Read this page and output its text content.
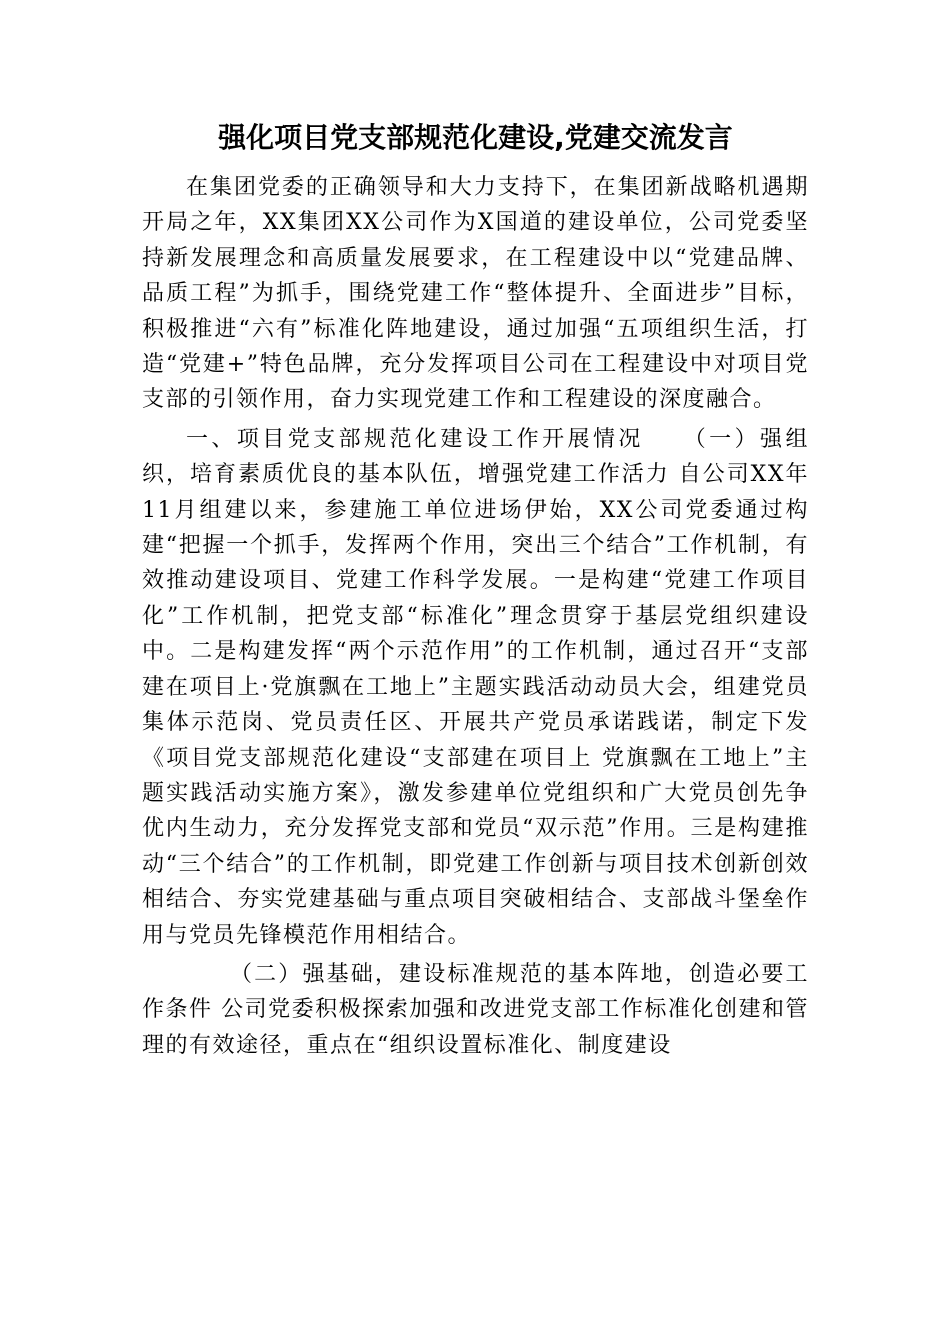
强化项目党支部规范化建设,党建交流发言

在集团党委的正确领导和大力支持下，在集团新战略机遇期开局之年，XX集团XX公司作为X国道的建设单位，公司党委坚持新发展理念和高质量发展要求，在工程建设中以“党建品牌、品质工程”为抓手，围绕党建工作“整体提升、全面进步”目标，积极推进“六有”标准化阵地建设，通过加强“五项组织生活，打造“党建+”特色品牌，充分发挥项目公司在工程建设中对项目党支部的引领作用，奋力实现党建工作和工程建设的深度融合。

一、项目党支部规范化建设工作开展情况　　（一）强组织，培育素质优良的基本队伍，增强党建工作活力 自公司XX年11月组建以来，参建施工单位进场伊始，XX公司党委通过构建“把握一个抓手，发挥两个作用，突出三个结合”工作机制，有效推动建设项目、党建工作科学发展。一是构建“党建工作项目化”工作机制，把党支部“标准化”理念贯穿于基层党组织建设中。二是构建发挥“两个示范作用”的工作机制，通过召开“支部建在项目上·党旗飘在工地上”主题实践活动动员大会，组建党员集体示范岗、党员责任区、开展共产党员承诺践诺，制定下发《项目党支部规范化建设“支部建在项目上 党旗飘在工地上”主题实践活动实施方案》，激发参建单位党组织和广大党员创先争优内生动力，充分发挥党支部和党员“双示范”作用。三是构建推动“三个结合”的工作机制，即党建工作创新与项目技术创新创效相结合、夯实党建基础与重点项目突破相结合、支部战斗堡垒作用与党员先锋模范作用相结合。

（二）强基础，建设标准规范的基本阵地，创造必要工作条件 公司党委积极探索加强和改进党支部工作标准化创建和管理的有效途径，重点在“组织设置标准化、制度建设
